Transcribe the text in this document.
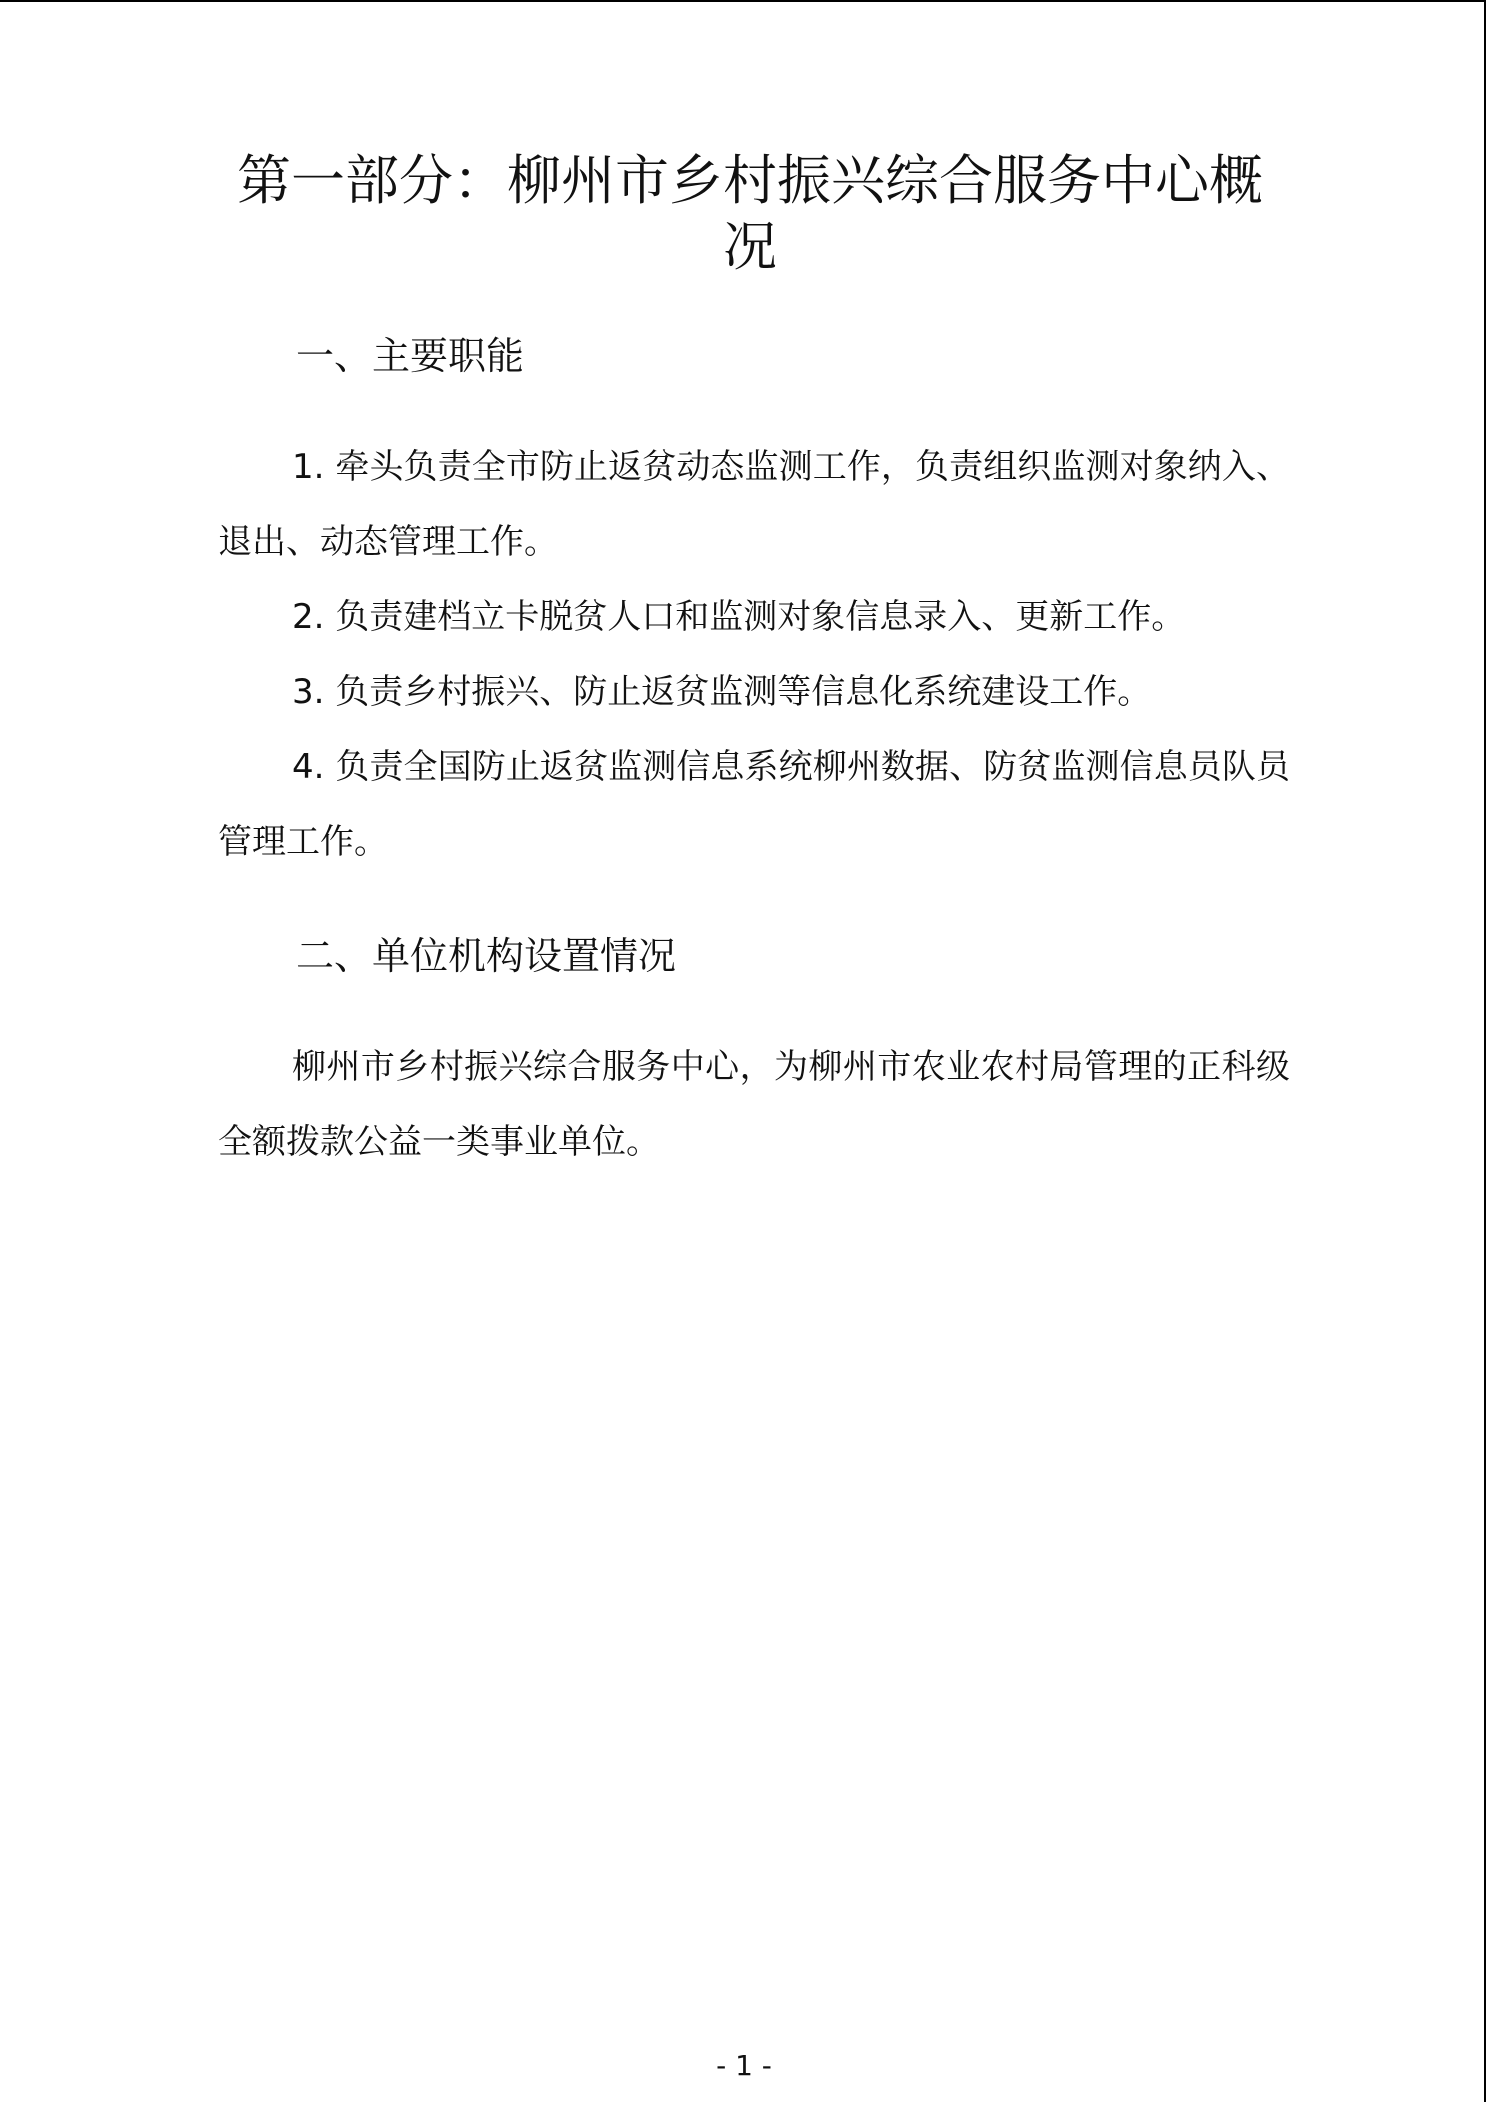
第一部分：柳州市乡村振兴综合服务中心概况
一、主要职能

1. 牵头负责全市防止返贫动态监测工作，负责组织监测对象纳入、退出、动态管理工作。

2. 负责建档立卡脱贫人口和监测对象信息录入、更新工作。

3. 负责乡村振兴、防止返贫监测等信息化系统建设工作。

4. 负责全国防止返贫监测信息系统柳州数据、防贫监测信息员队员管理工作。

二、单位机构设置情况

柳州市乡村振兴综合服务中心，为柳州市农业农村局管理的正科级全额拨款公益一类事业单位。

- 1 -
